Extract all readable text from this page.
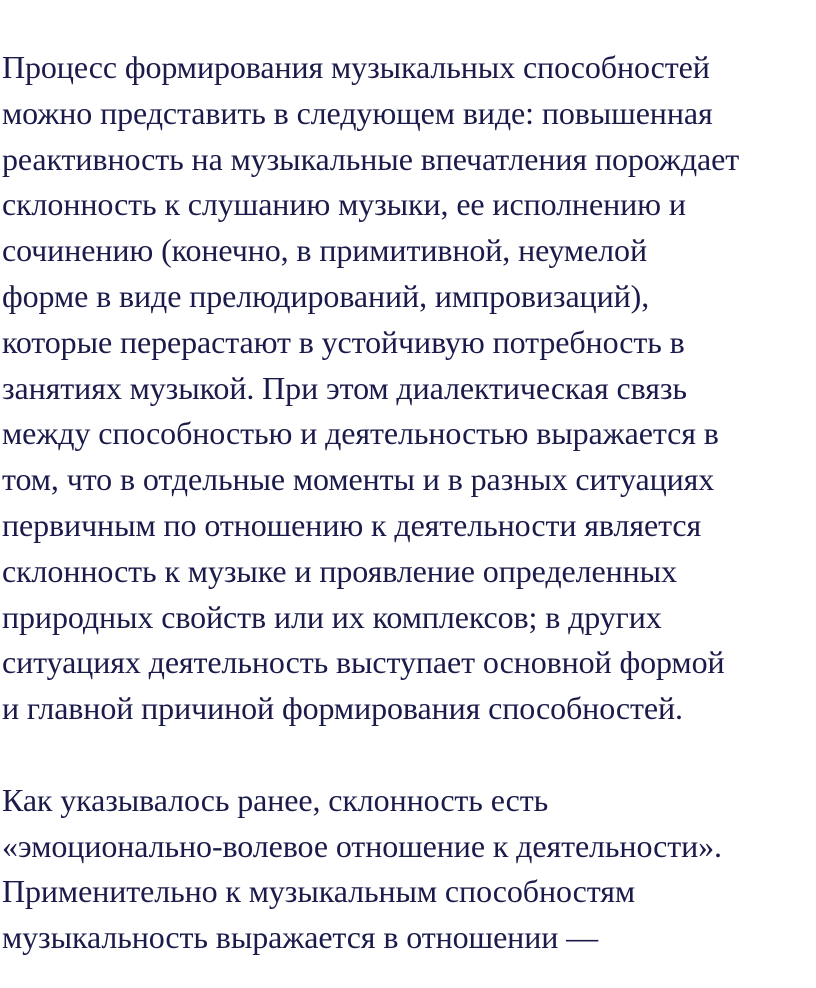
Процесс формирования музыкальных способностей
можно представить в следующем виде: повышенная
реактивность на музыкальные впечатления порождает
склонность к слушанию музыки, ее исполнению и
сочинению (конечно, в примитивной, неумелой
форме в виде прелюдирований, импровизаций),
которые перерастают в устойчивую потребность в
занятиях музыкой. При этом диалектическая связь
между способностью и деятельностью выражается в
том, что в отдельные моменты и в разных ситуациях
первичным по отношению к деятельности является
склонность к музыке и проявление определенных
природных свойств или их комплексов; в других
ситуациях деятельность выступает основной формой
и главной причиной формирования способностей.
Как указывалось ранее, склонность есть
«эмоционально-волевое отношение к деятельности».
Применительно к музыкальным способностям
музыкальность выражается в отношении —
